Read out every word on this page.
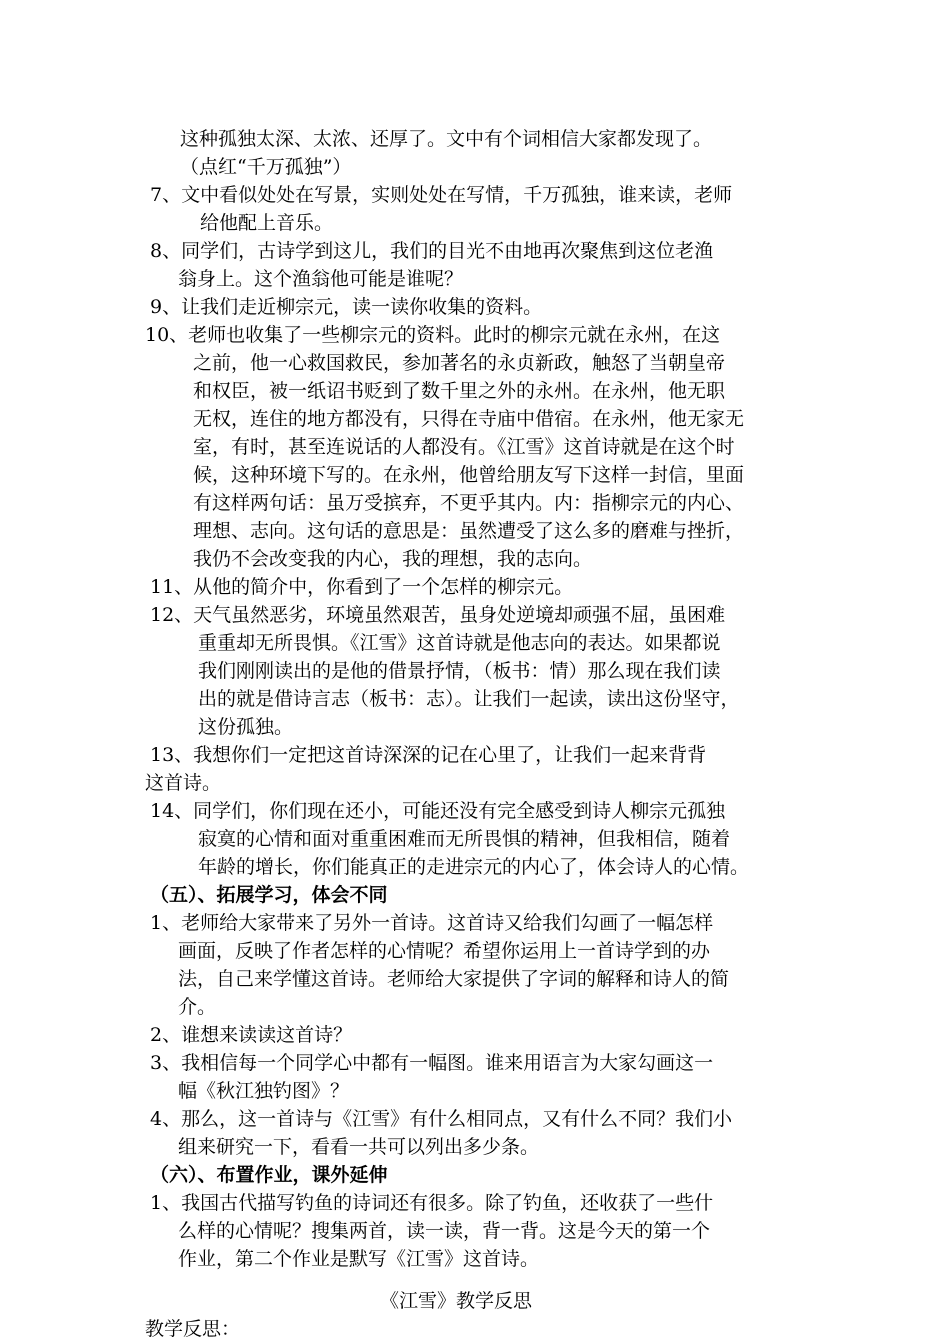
这种孤独太深、太浓、还厚了。文中有个词相信大家都发现了。
（点红“千万孤独”）
7、文中看似处处在写景，实则处处在写情，千万孤独，谁来读，老师
给他配上音乐。
8、同学们，古诗学到这儿，我们的目光不由地再次聚焦到这位老渔
翁身上。这个渔翁他可能是谁呢？
9、让我们走近柳宗元，读一读你收集的资料。
10、老师也收集了一些柳宗元的资料。此时的柳宗元就在永州，在这
之前，他一心救国救民，参加著名的永贞新政，触怒了当朝皇帝
和权臣，被一纸诏书贬到了数千里之外的永州。在永州，他无职
无权，连住的地方都没有，只得在寺庙中借宿。在永州，他无家无
室，有时，甚至连说话的人都没有。《江雪》这首诗就是在这个时
候，这种环境下写的。在永州，他曾给朋友写下这样一封信，里面
有这样两句话：虽万受摈弃，不更乎其内。内：指柳宗元的内心、
理想、志向。这句话的意思是：虽然遭受了这么多的磨难与挫折，
我仍不会改变我的内心，我的理想，我的志向。
11、从他的简介中，你看到了一个怎样的柳宗元。
12、天气虽然恶劣，环境虽然艰苦，虽身处逆境却顽强不屈，虽困难
重重却无所畏惧。《江雪》这首诗就是他志向的表达。如果都说
我们刚刚读出的是他的借景抒情，（板书：情）那么现在我们读
出的就是借诗言志（板书：志）。让我们一起读，读出这份坚守，
这份孤独。
13、我想你们一定把这首诗深深的记在心里了，让我们一起来背背
这首诗。
14、同学们，你们现在还小，可能还没有完全感受到诗人柳宗元孤独
寂寞的心情和面对重重困难而无所畏惧的精神，但我相信，随着
年龄的增长，你们能真正的走进宗元的内心了，体会诗人的心情。
（五）、拓展学习，体会不同
1、老师给大家带来了另外一首诗。这首诗又给我们勾画了一幅怎样
画面，反映了作者怎样的心情呢？希望你运用上一首诗学到的办
法，自己来学懂这首诗。老师给大家提供了字词的解释和诗人的简
介。
2、谁想来读读这首诗？
3、我相信每一个同学心中都有一幅图。谁来用语言为大家勾画这一
幅《秋江独钓图》？
4、那么，这一首诗与《江雪》有什么相同点，又有什么不同？我们小
组来研究一下，看看一共可以列出多少条。
（六）、布置作业，课外延伸
1、我国古代描写钓鱼的诗词还有很多。除了钓鱼，还收获了一些什
么样的心情呢？搜集两首，读一读，背一背。这是今天的第一个
作业，第二个作业是默写《江雪》这首诗。
《江雪》教学反思
教学反思：
